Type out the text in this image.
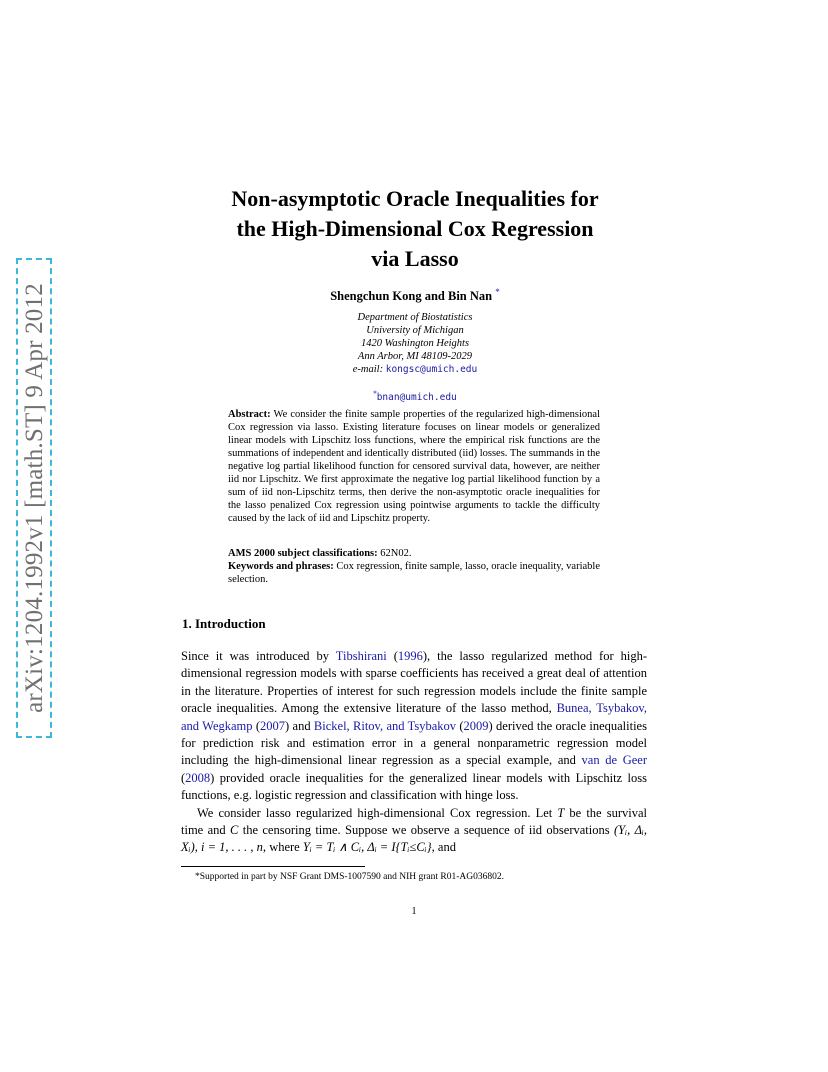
arXiv:1204.1992v1 [math.ST] 9 Apr 2012
Non-asymptotic Oracle Inequalities for
the High-Dimensional Cox Regression
via Lasso
Shengchun Kong and Bin Nan *
Department of Biostatistics
University of Michigan
1420 Washington Heights
Ann Arbor, MI 48109-2029
e-mail: kongsc@umich.edu
*bnan@umich.edu
Abstract: We consider the finite sample properties of the regularized high-dimensional Cox regression via lasso. Existing literature focuses on linear models or generalized linear models with Lipschitz loss functions, where the empirical risk functions are the summations of independent and identically distributed (iid) losses. The summands in the negative log partial likelihood function for censored survival data, however, are neither iid nor Lipschitz. We first approximate the negative log partial likelihood function by a sum of iid non-Lipschitz terms, then derive the non-asymptotic oracle inequalities for the lasso penalized Cox regression using pointwise arguments to tackle the difficulty caused by the lack of iid and Lipschitz property.
AMS 2000 subject classifications: 62N02.
Keywords and phrases: Cox regression, finite sample, lasso, oracle inequality, variable selection.
1. Introduction

Since it was introduced by Tibshirani (1996), the lasso regularized method for high-dimensional regression models with sparse coefficients has received a great deal of attention in the literature. Properties of interest for such regression models include the finite sample oracle inequalities. Among the extensive literature of the lasso method, Bunea, Tsybakov, and Wegkamp (2007) and Bickel, Ritov, and Tsybakov (2009) derived the oracle inequalities for prediction risk and estimation error in a general nonparametric regression model including the high-dimensional linear regression as a special example, and van de Geer (2008) provided oracle inequalities for the generalized linear models with Lipschitz loss functions, e.g. logistic regression and classification with hinge loss.

We consider lasso regularized high-dimensional Cox regression. Let T be the survival time and C the censoring time. Suppose we observe a sequence of iid observations (Yᵢ, Δᵢ, Xᵢ), i = 1, . . . , n, where Yᵢ = Tᵢ ∧ Cᵢ, Δᵢ = I{Tᵢ≤Cᵢ}, and

*Supported in part by NSF Grant DMS-1007590 and NIH grant R01-AG036802.
1
